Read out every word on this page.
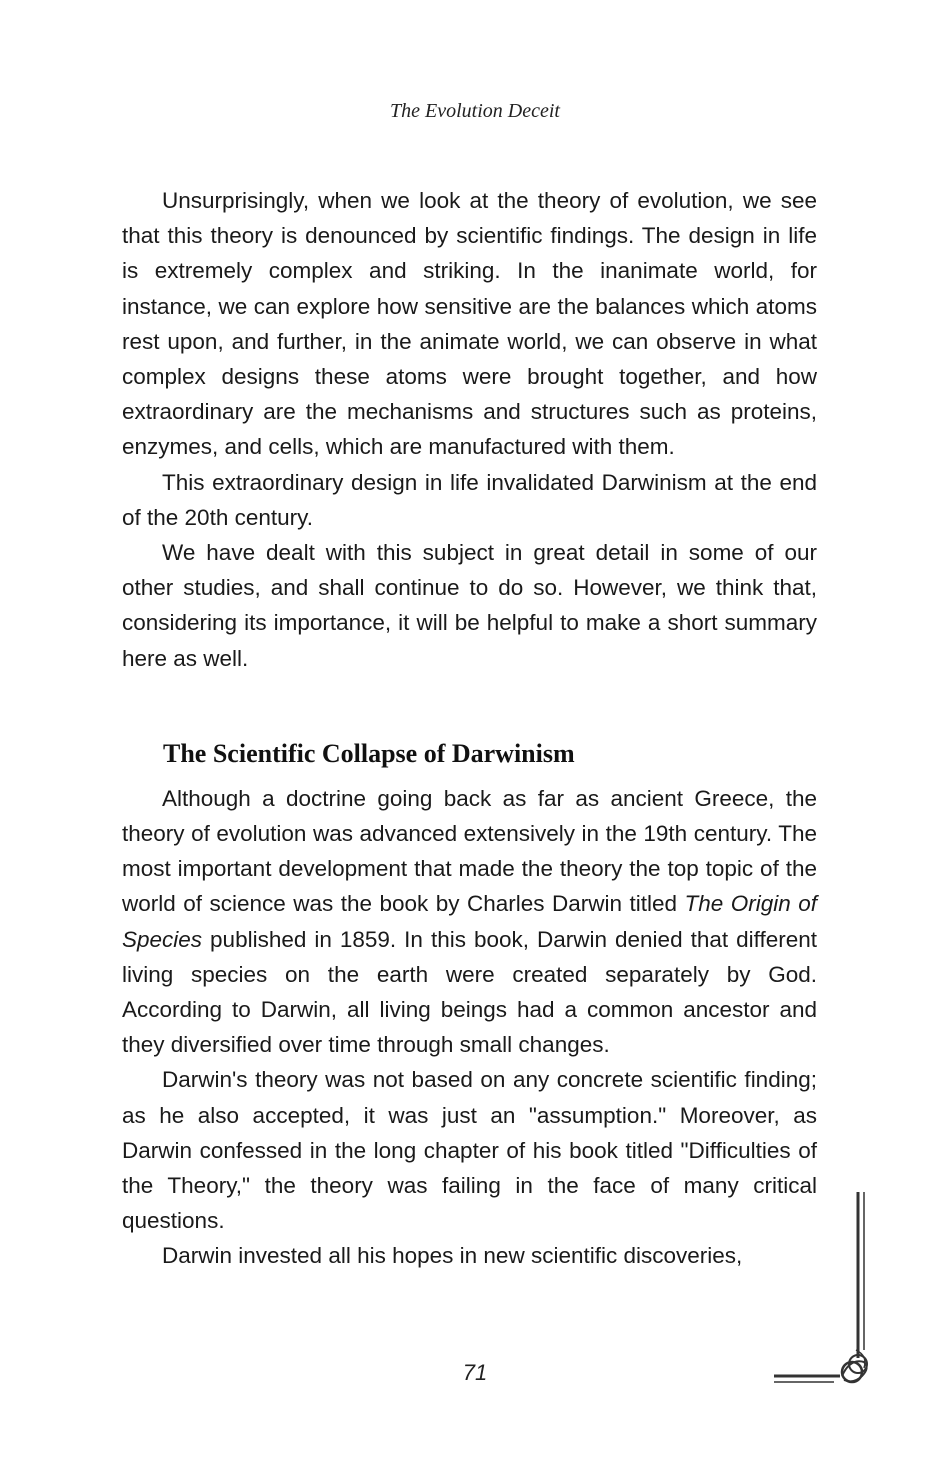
The Evolution Deceit

Unsurprisingly, when we look at the theory of evolution, we see that this theory is denounced by scientific findings. The design in life is extremely complex and striking. In the inanimate world, for instance, we can explore how sensitive are the balances which atoms rest upon, and further, in the animate world, we can observe in what complex designs these atoms were brought together, and how extraordinary are the mechanisms and structures such as proteins, enzymes, and cells, which are manufactured with them.

This extraordinary design in life invalidated Darwinism at the end of the 20th century.

We have dealt with this subject in great detail in some of our other studies, and shall continue to do so. However, we think that, considering its importance, it will be helpful to make a short summary here as well.

The Scientific Collapse of Darwinism

Although a doctrine going back as far as ancient Greece, the theory of evolution was advanced extensively in the 19th century. The most important development that made the theory the top topic of the world of science was the book by Charles Darwin titled The Origin of Species published in 1859. In this book, Darwin denied that different living species on the earth were created separately by God. According to Darwin, all living beings had a common ancestor and they diversified over time through small changes.

Darwin's theory was not based on any concrete scientific finding; as he also accepted, it was just an "assumption." Moreover, as Darwin confessed in the long chapter of his book titled "Difficulties of the Theory," the theory was failing in the face of many critical questions.

Darwin invested all his hopes in new scientific discoveries,

71
